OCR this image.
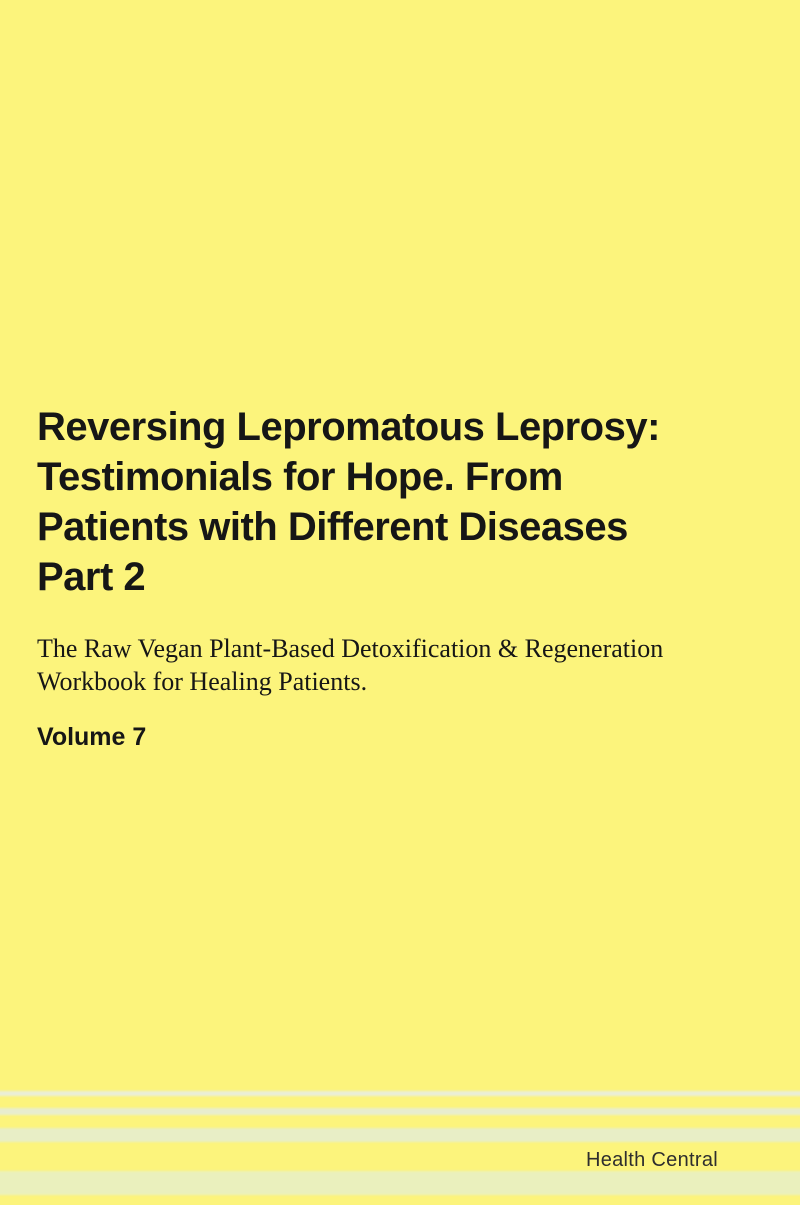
Reversing Lepromatous Leprosy:
Testimonials for Hope. From
Patients with Different Diseases
Part 2
The Raw Vegan Plant-Based Detoxification & Regeneration
Workbook for Healing Patients.
Volume 7
Health Central
